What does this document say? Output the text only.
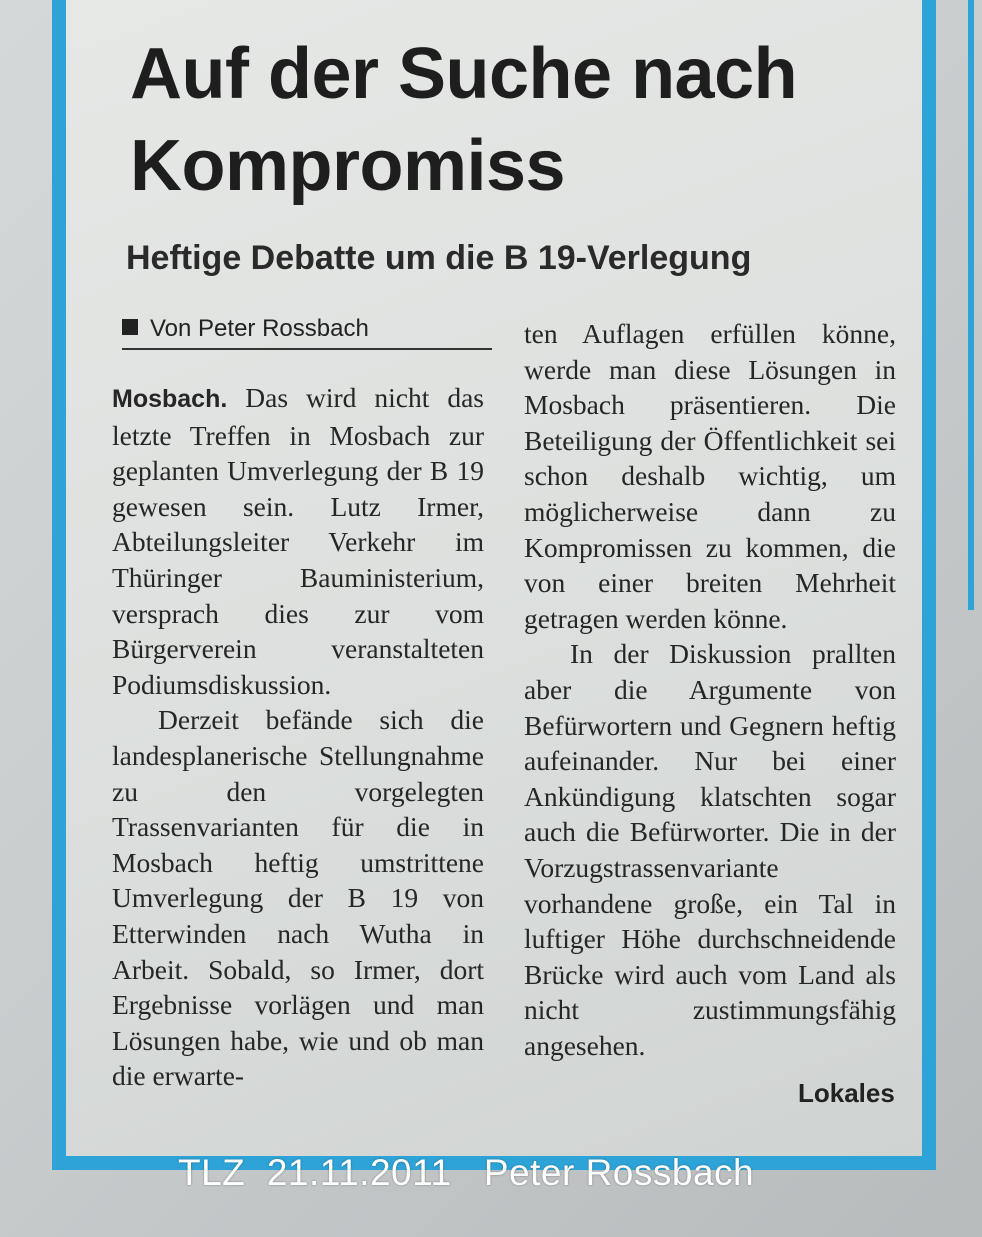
Auf der Suche nach Kompromiss
Heftige Debatte um die B 19-Verlegung
Von Peter Rossbach

Mosbach. Das wird nicht das letzte Treffen in Mosbach zur geplanten Umverlegung der B 19 gewesen sein. Lutz Irmer, Abteilungsleiter Verkehr im Thüringer Bauministerium, versprach dies zur vom Bürgerverein veranstalteten Podiumsdiskussion.

Derzeit befände sich die landesplanerische Stellungnahme zu den vorgelegten Trassenvarianten für die in Mosbach heftig umstrittene Umverlegung der B 19 von Etterwinden nach Wutha in Arbeit. Sobald, so Irmer, dort Ergebnisse vorlägen und man Lösungen habe, wie und ob man die erwarte-

ten Auflagen erfüllen könne, werde man diese Lösungen in Mosbach präsentieren. Die Beteiligung der Öffentlichkeit sei schon deshalb wichtig, um möglicherweise dann zu Kompromissen zu kommen, die von einer breiten Mehrheit getragen werden könne.

In der Diskussion prallten aber die Argumente von Befürwortern und Gegnern heftig aufeinander. Nur bei einer Ankündigung klatschten sogar auch die Befürworter. Die in der Vorzugstrassenvariante vorhandene große, ein Tal in luftiger Höhe durchschneidende Brücke wird auch vom Land als nicht zustimmungsfähig angesehen.

Lokales
TLZ  21.11.2011   Peter Rossbach
